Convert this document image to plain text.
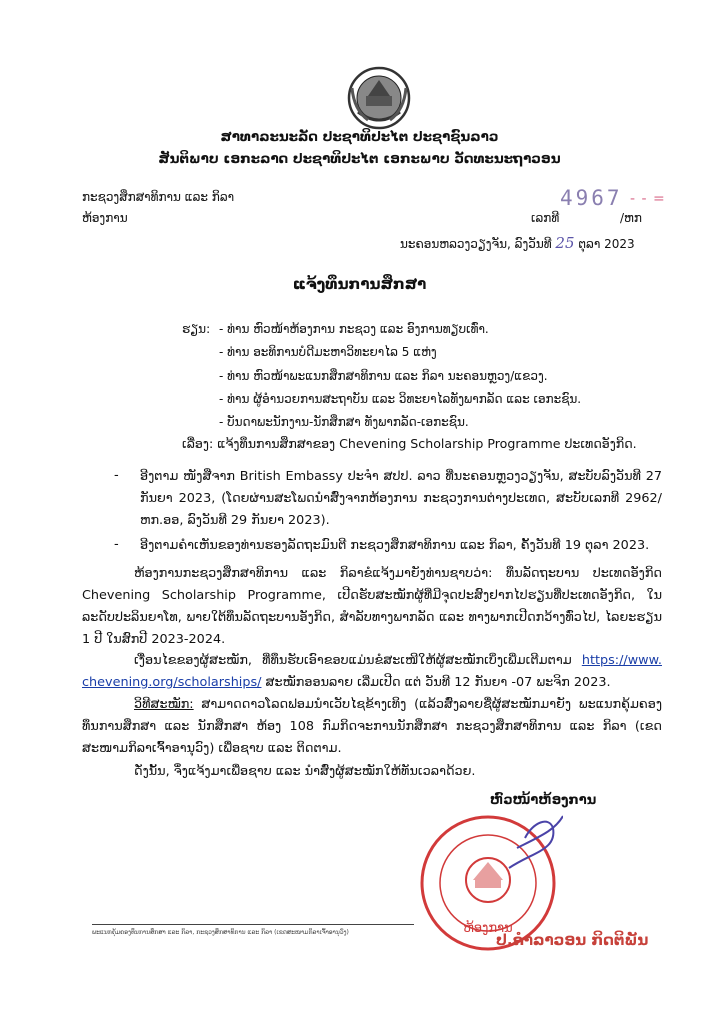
ສາທາລະນະລັດ ປະຊາທິປະໄຕ ປະຊາຊົນລາວ
ສັນຕິພາບ ເອກະລາດ ປະຊາທິປະໄຕ ເອກະພາບ ວັດທະນະຖາວອນ
ກະຊວງສຶກສາທິການ ແລະ ກິລາ
ຫ້ອງການ
4967 - - =
ເລກທີ	/ຫກ
ນະຄອນຫລວງວຽງຈັນ, ລົງວັນທີ 25 ຕຸລາ 2023
ແຈ້ງທຶນການສຶກສາ
ຮຽນ: - ທ່ານ ຫົວໜ້າຫ້ອງການ ກະຊວງ ແລະ ອົງການທຽບເທົ່າ.
- ທ່ານ ອະທິການບໍດີມະຫາວິທະຍາໄລ 5 ແຫ່ງ
- ທ່ານ ຫົວໜ້າພະແນກສຶກສາທິການ ແລະ ກິລາ ນະຄອນຫຼວງ/ແຂວງ.
- ທ່ານ ຜູ້ອຳນວຍການສະຖາບັນ ແລະ ວິທະຍາໄລທັງພາກລັດ ແລະ ເອກະຊົນ.
- ບັນດາພະນັກງານ-ນັກສຶກສາ ທັງພາກລັດ-ເອກະຊົນ.
ເລື່ອງ: ແຈ້ງທຶນການສຶກສາຂອງ Chevening Scholarship Programme ປະເທດອັງກິດ.
- ອີງຕາມ ໜັງສືຈາກ British Embassy ປະຈຳ ສປປ. ລາວ ທີ່ນະຄອນຫຼວງວຽງຈັນ, ສະບັບລົງວັນທີ 27 ກັນຍາ 2023, (ໂດຍຜ່ານສະໂພດນຳສົ່ງຈາກຫ້ອງການ ກະຊວງການຕ່າງປະເທດ, ສະບັບເລກທີ 2962/ຫກ.ອອ, ລົງວັນທີ 29 ກັນຍາ 2023).
- ອີງຕາມຄຳເຫັນຂອງທ່ານຮອງລັດຖະມົນຕີ ກະຊວງສຶກສາທິການ ແລະ ກິລາ, ຄັ້ງວັນທີ 19 ຕຸລາ 2023.
ຫ້ອງການກະຊວງສຶກສາທິການ ແລະ ກິລາຂໍແຈ້ງມາຍັງທ່ານຊາບວ່າ: ທຶນລັດຖະບານ ປະເທດອັງກິດ Chevening Scholarship Programme, ເປີດຮັບສະໝັກຜູ້ທີ່ມີຈຸດປະສົງຢາກໄປຮຽນທີ່ປະເທດອັງກິດ, ໃນລະດັບປະລິນຍາໂທ, ພາຍໃຕ້ທຶນລັດຖະບານອັງກິດ, ສຳລັບທາງພາກລັດ ແລະ ທາງພາກເປີດກວ້າງທົ່ວໄປ, ໄລຍະຮຽນ 1 ປີ ໃນສົກປີ 2023-2024.
ເງື່ອນໄຂຂອງຜູ້ສະໝັກ, ທີ່ທຶນຮັບເອົາຂອບແມ່ນຂໍສະເໜີໃຫ້ຜູ້ສະໝັກເບິ່ງເພີ່ມເຕີມຕາມ https://www. chevening.org/scholarships/ ສະໝັກອອນລາຍ ເລີ່ມເປີດ ແຕ່ ວັນທີ 12 ກັນຍາ -07 ພະຈິກ 2023.
ວິທີສະໝັກ: ສາມາດດາວໂລດຟອມນຳເວັບໄຊຂ້າງເທິງ (ແລ້ວສົ່ງລາຍຊື່ຜູ້ສະໝັກມາຍັງ ພະແນກຄຸ້ມຄອງທຶນການສຶກສາ ແລະ ນັກສຶກສາ ຫ້ອງ 108 ກົມກິດຈະການນັກສຶກສາ ກະຊວງສຶກສາທິການ ແລະ ກິລາ (ເຂດສະໜາມກິລາເຈົ້າອານຸວົງ) ເພື່ອຊາບ ແລະ ຕິດຕາມ.
ດັ່ງນັ້ນ, ຈຶ່ງແຈ້ງມາເພື່ອຊາບ ແລະ ນຳສົ່ງຜູ້ສະໝັກໃຫ້ທັນເວລາດ້ວຍ.
ຫົວໜ້າຫ້ອງການ
ຫ້ອງການ
ປ.ຄຳລາວອນ ກິດຕິພັນ
ພະແນກຄຸ້ມຄອງທຶນການສຶກສາ ແລະ ກິລາ, ກະຊວງສຶກສາທິການ ແລະ ກິລາ (ເຂດສະໜາມກິລາເຈົ້າອານຸວົງ)
